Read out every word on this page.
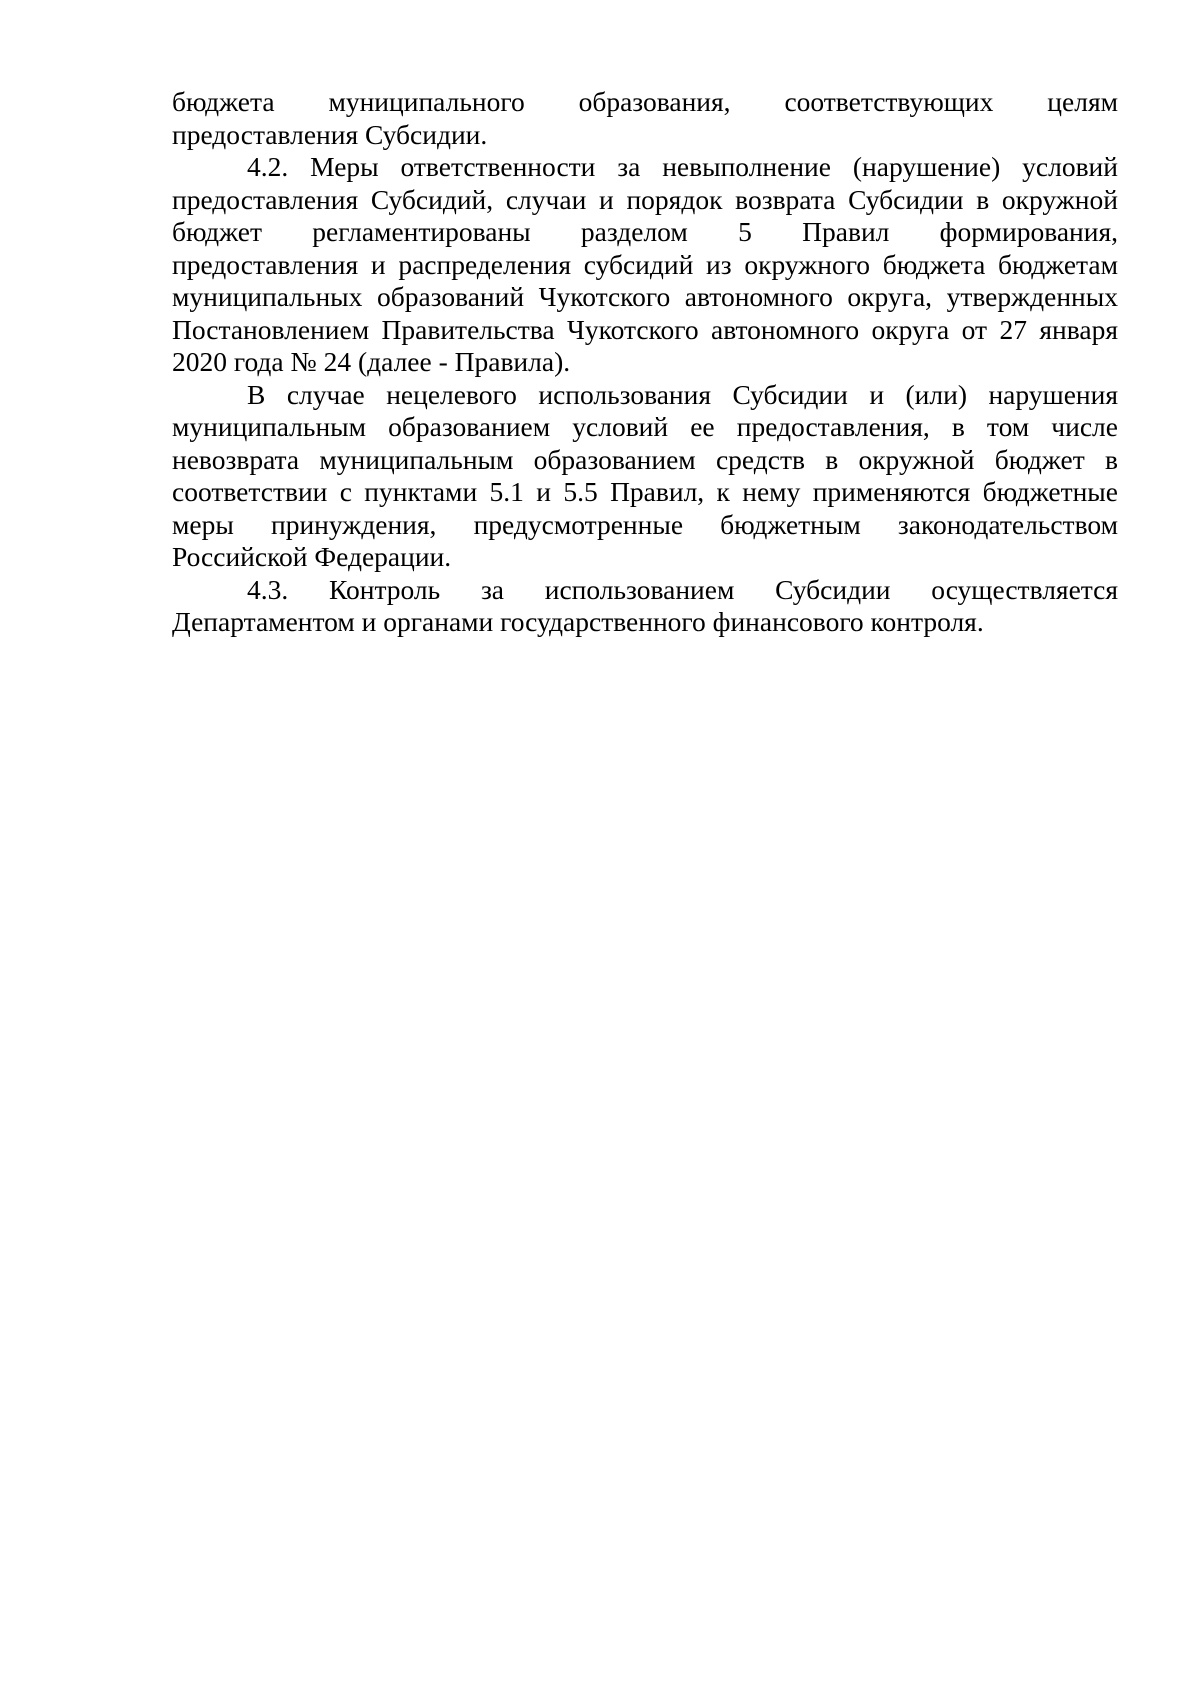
бюджета муниципального образования, соответствующих целям
предоставления Субсидии.
4.2. Меры ответственности за невыполнение (нарушение) условий
предоставления Субсидий, случаи и порядок возврата Субсидии в окружной
бюджет регламентированы разделом 5 Правил формирования,
предоставления и распределения субсидий из окружного бюджета бюджетам
муниципальных образований Чукотского автономного округа, утвержденных
Постановлением Правительства Чукотского автономного округа от 27 января
2020 года № 24 (далее - Правила).
В случае нецелевого использования Субсидии и (или) нарушения
муниципальным образованием условий ее предоставления, в том числе
невозврата муниципальным образованием средств в окружной бюджет в
соответствии с пунктами 5.1 и 5.5 Правил, к нему применяются бюджетные
меры принуждения, предусмотренные бюджетным законодательством
Российской Федерации.
4.3. Контроль за использованием Субсидии осуществляется
Департаментом и органами государственного финансового контроля.
